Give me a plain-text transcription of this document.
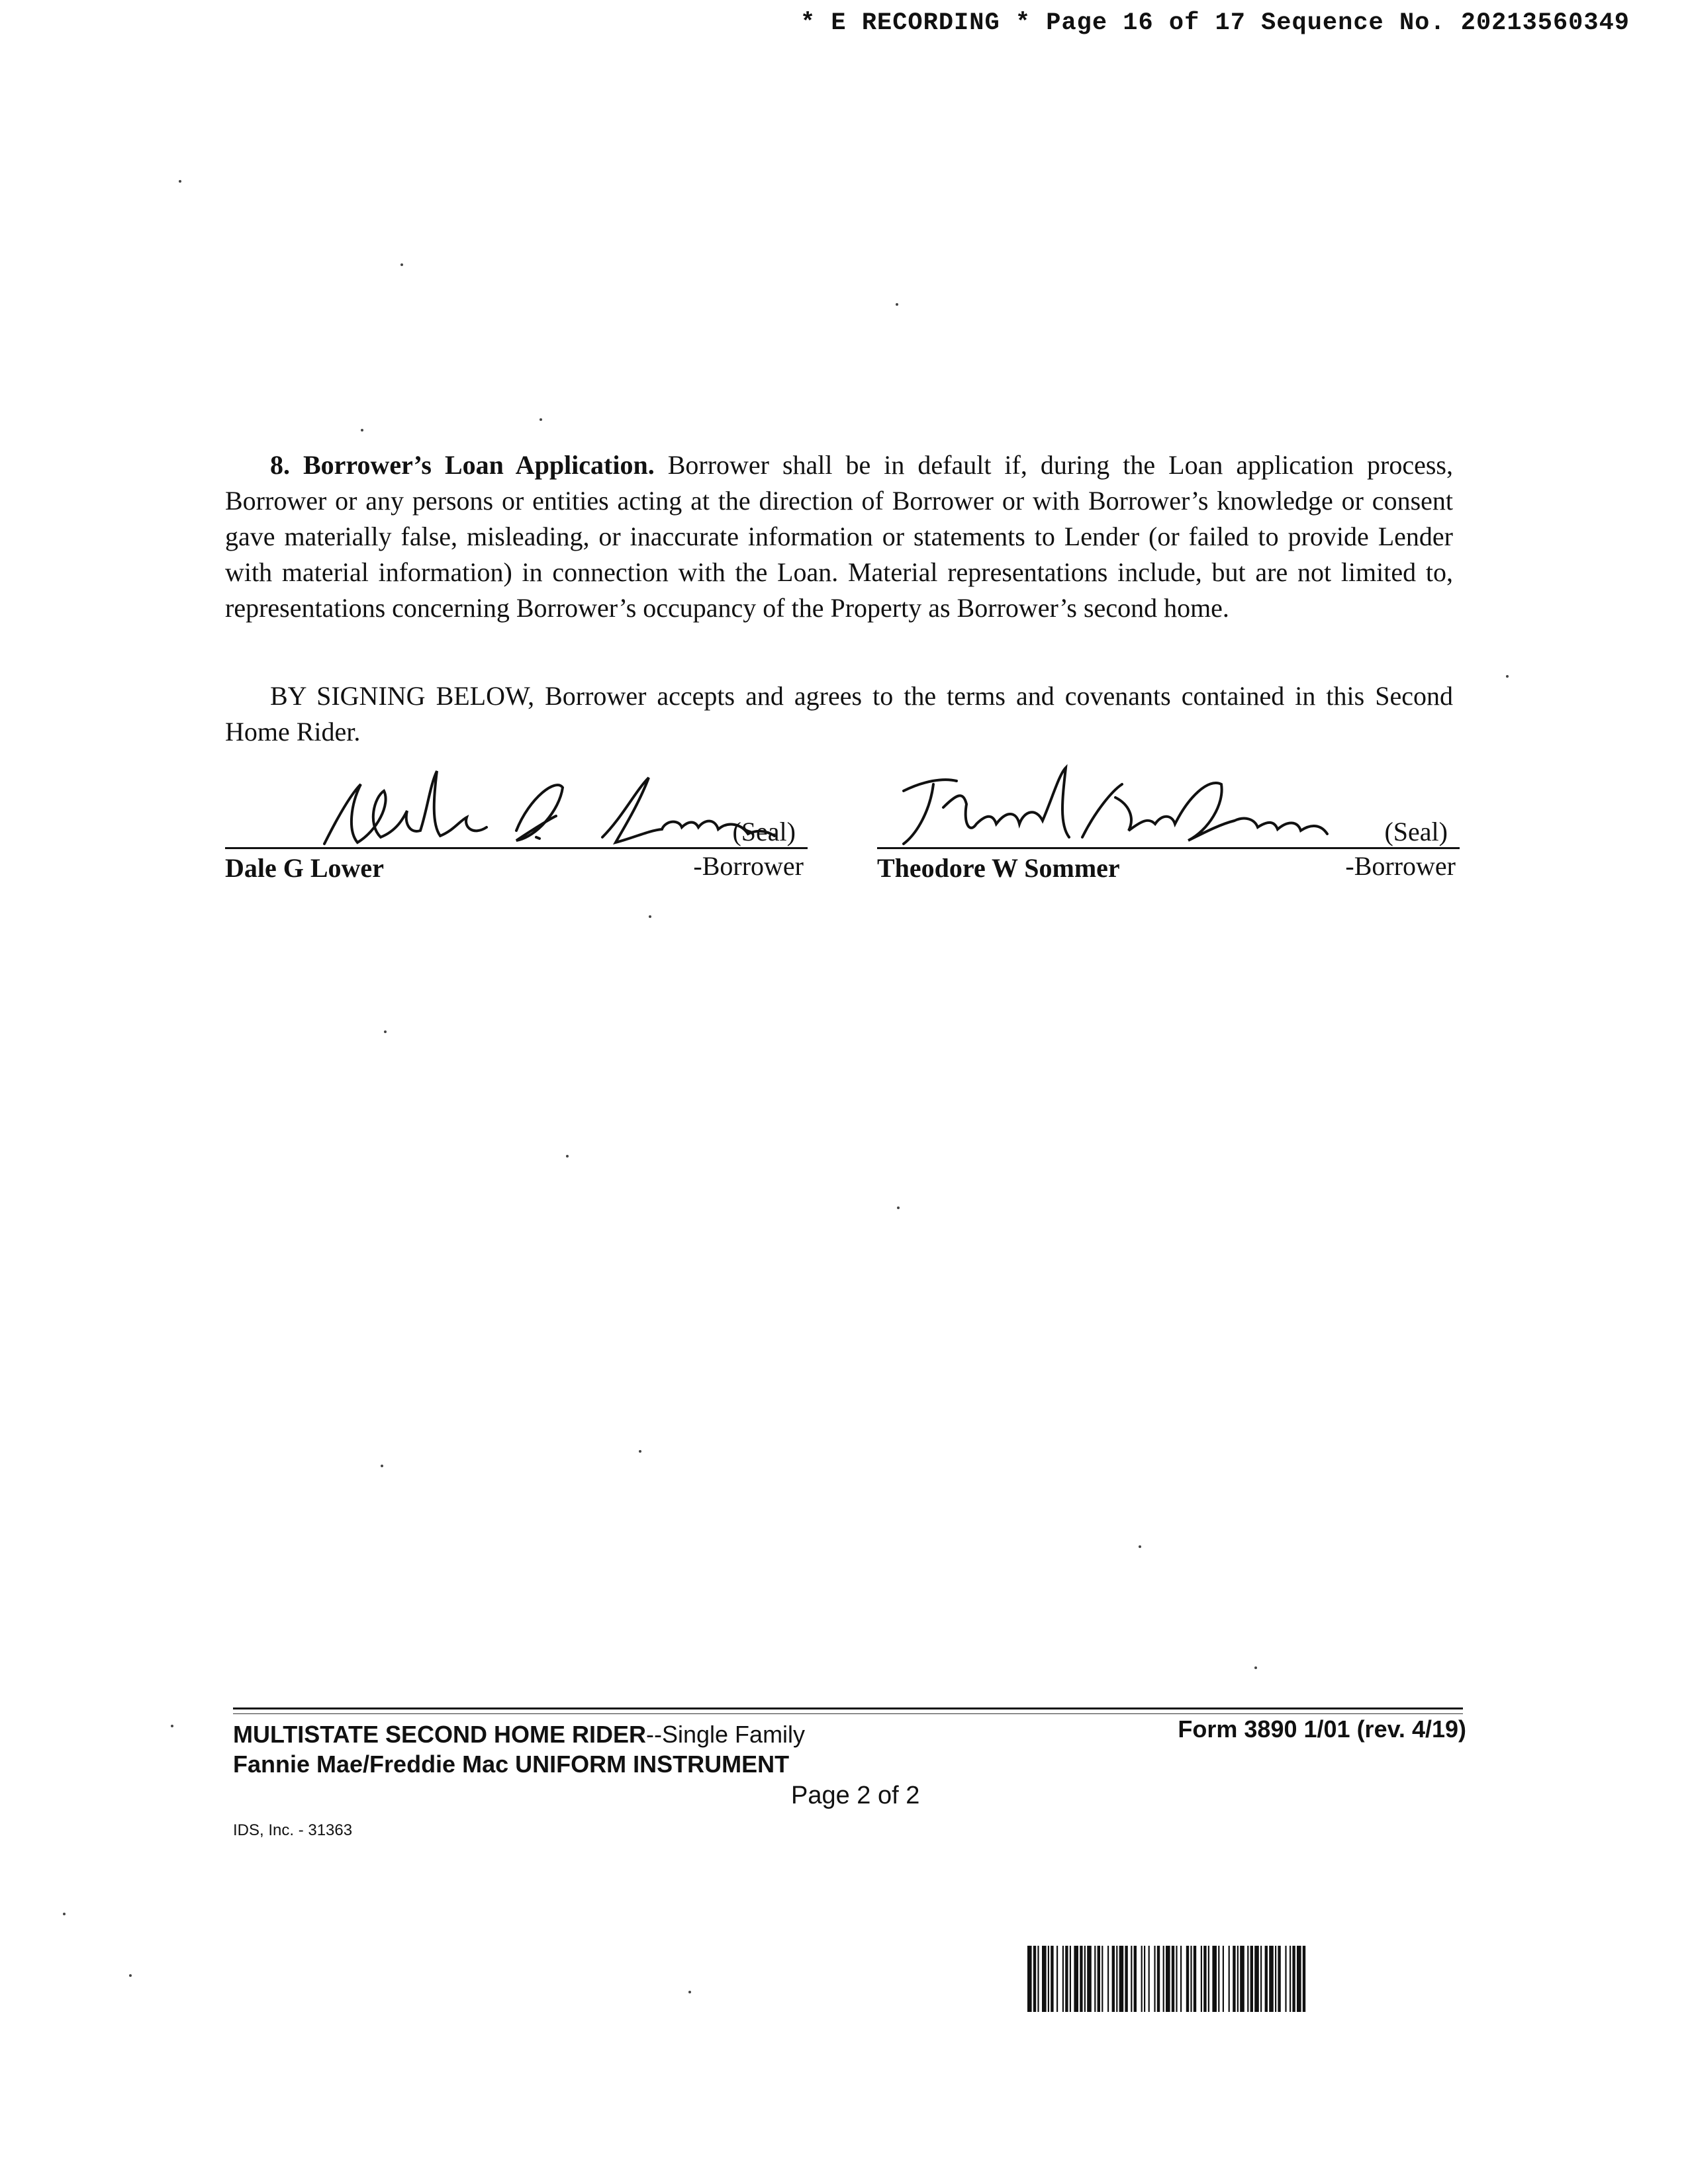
* E RECORDING * Page 16 of 17 Sequence No. 20213560349
8. Borrower’s Loan Application. Borrower shall be in default if, during the Loan application process, Borrower or any persons or entities acting at the direction of Borrower or with Borrower’s knowledge or consent gave materially false, misleading, or inaccurate information or statements to Lender (or failed to provide Lender with material information) in connection with the Loan. Material representations include, but are not limited to, representations concerning Borrower’s occupancy of the Property as Borrower’s second home.
BY SIGNING BELOW, Borrower accepts and agrees to the terms and covenants contained in this Second Home Rider.
(Seal)
Dale G Lower	-Borrower
(Seal)
Theodore W Sommer	-Borrower
MULTISTATE SECOND HOME RIDER--Single Family	Form 3890 1/01 (rev. 4/19)
Fannie Mae/Freddie Mac UNIFORM INSTRUMENT
Page 2 of 2
IDS, Inc. - 31363
